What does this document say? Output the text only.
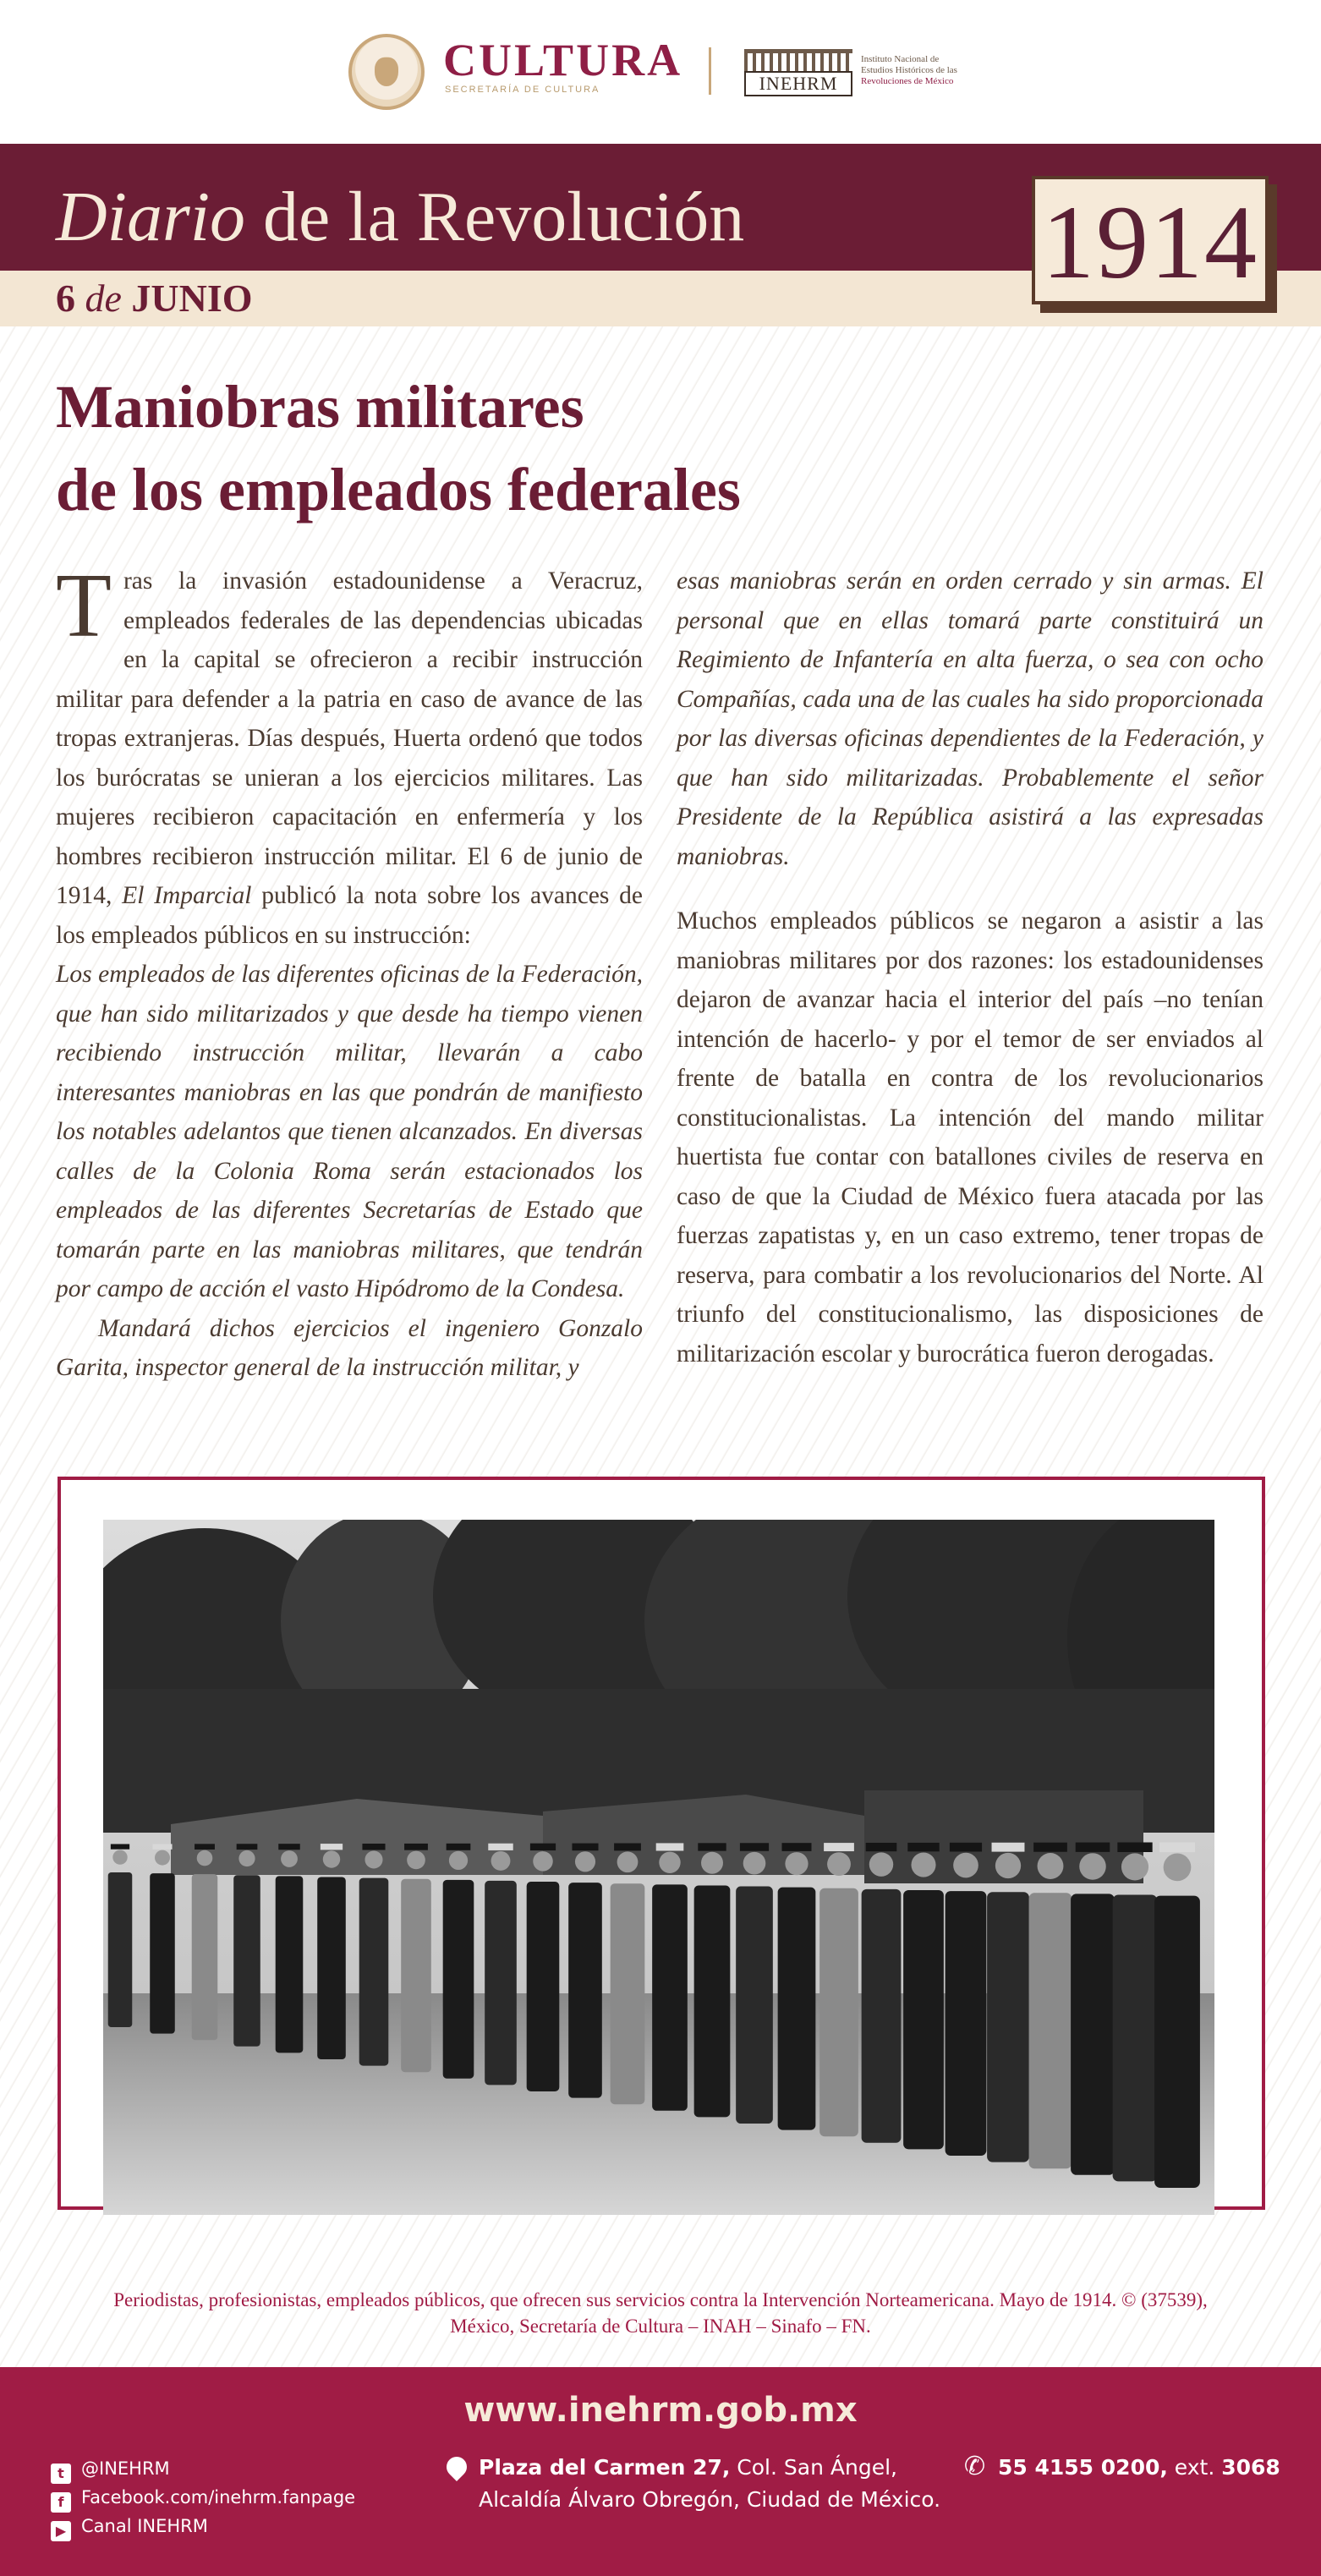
CULTURA
SECRETARÍA DE CULTURA	INEHRM
Instituto Nacional de
Estudios Históricos de las
Revoluciones de México
Diario de la Revolución
6 de JUNIO	1914
Maniobras militares
de los empleados federales

Tras la invasión estadounidense a Veracruz, empleados federales de las dependencias ubicadas en la capital se ofrecieron a recibir instrucción militar para defender a la patria en caso de avance de las tropas extranjeras. Días después, Huerta ordenó que todos los burócratas se unieran a los ejercicios militares. Las mujeres recibieron capacitación en enfermería y los hombres recibieron instrucción militar. El 6 de junio de 1914, El Imparcial publicó la nota sobre los avances de los empleados públicos en su instrucción:

Los empleados de las diferentes oficinas de la Federación, que han sido militarizados y que desde ha tiempo vienen recibiendo instrucción militar, llevarán a cabo interesantes maniobras en las que pondrán de manifiesto los notables adelantos que tienen alcanzados. En diversas calles de la Colonia Roma serán estacionados los empleados de las diferentes Secretarías de Estado que tomarán parte en las maniobras militares, que tendrán por campo de acción el vasto Hipódromo de la Condesa.

Mandará dichos ejercicios el ingeniero Gonzalo Garita, inspector general de la instrucción militar, y

esas maniobras serán en orden cerrado y sin armas. El personal que en ellas tomará parte constituirá un Regimiento de Infantería en alta fuerza, o sea con ocho Compañías, cada una de las cuales ha sido proporcionada por las diversas oficinas dependientes de la Federación, y que han sido militarizadas. Probablemente el señor Presidente de la República asistirá a las expresadas maniobras.

Muchos empleados públicos se negaron a asistir a las maniobras militares por dos razones: los estadounidenses dejaron de avanzar hacia el interior del país –no tenían intención de hacerlo- y por el temor de ser enviados al frente de batalla en contra de los revolucionarios constitucionalistas. La intención del mando militar huertista fue contar con batallones civiles de reserva en caso de que la Ciudad de México fuera atacada por las fuerzas zapatistas y, en un caso extremo, tener tropas de reserva, para combatir a los revolucionarios del Norte. Al triunfo del constitucionalismo, las disposiciones de militarización escolar y burocrática fueron derogadas.

Periodistas, profesionistas, empleados públicos, que ofrecen sus servicios contra la Intervención Norteamericana. Mayo de 1914. © (37539),
México, Secretaría de Cultura – INAH – Sinafo – FN.
www.inehrm.gob.mx
t @INEHRM
f Facebook.com/inehrm.fanpage
▶ Canal INEHRM
Plaza del Carmen 27, Col. San Ángel,
Alcaldía Álvaro Obregón, Ciudad de México.
✆ 55 4155 0200, ext. 3068
